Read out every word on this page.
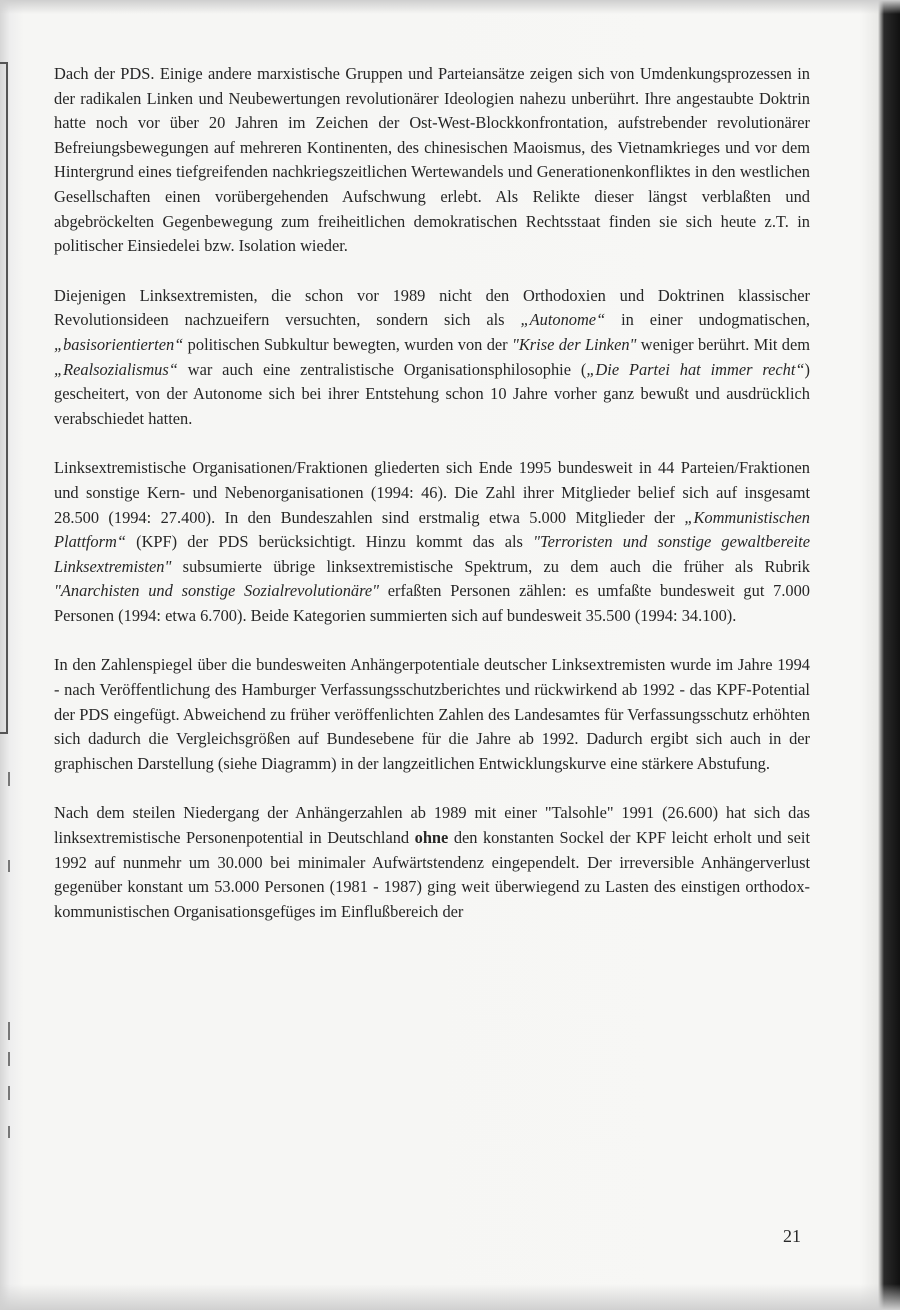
Dach der PDS. Einige andere marxistische Gruppen und Parteiansätze zeigen sich von Umdenkungsprozessen in der radikalen Linken und Neubewertungen revolutionärer Ideologien nahezu unberührt. Ihre angestaubte Doktrin hatte noch vor über 20 Jahren im Zeichen der Ost-West-Blockkonfrontation, aufstrebender revolutionärer Befreiungsbewegungen auf mehreren Kontinenten, des chinesischen Maoismus, des Vietnamkrieges und vor dem Hintergrund eines tiefgreifenden nachkriegszeitlichen Wertewandels und Generationenkonfliktes in den westlichen Gesellschaften einen vorübergehenden Aufschwung erlebt. Als Relikte dieser längst verblaßten und abgebröckelten Gegenbewegung zum freiheitlichen demokratischen Rechtsstaat finden sie sich heute z.T. in politischer Einsiedelei bzw. Isolation wieder.

Diejenigen Linksextremisten, die schon vor 1989 nicht den Orthodoxien und Doktrinen klassischer Revolutionsideen nachzueifern versuchten, sondern sich als „Autonome“ in einer undogmatischen, „basisorientierten“ politischen Subkultur bewegten, wurden von der "Krise der Linken" weniger berührt. Mit dem „Realsozialismus“ war auch eine zentralistische Organisationsphilosophie („Die Partei hat immer recht“) gescheitert, von der Autonome sich bei ihrer Entstehung schon 10 Jahre vorher ganz bewußt und ausdrücklich verabschiedet hatten.

Linksextremistische Organisationen/Fraktionen gliederten sich Ende 1995 bundesweit in 44 Parteien/Fraktionen und sonstige Kern- und Nebenorganisationen (1994: 46). Die Zahl ihrer Mitglieder belief sich auf insgesamt 28.500 (1994: 27.400). In den Bundeszahlen sind erstmalig etwa 5.000 Mitglieder der „Kommunistischen Plattform“ (KPF) der PDS berücksichtigt. Hinzu kommt das als "Terroristen und sonstige gewaltbereite Linksextremisten" subsumierte übrige linksextremistische Spektrum, zu dem auch die früher als Rubrik "Anarchisten und sonstige Sozialrevolutionäre" erfaßten Personen zählen: es umfaßte bundesweit gut 7.000 Personen (1994: etwa 6.700). Beide Kategorien summierten sich auf bundesweit 35.500 (1994: 34.100).

In den Zahlenspiegel über die bundesweiten Anhängerpotentiale deutscher Linksextremisten wurde im Jahre 1994 - nach Veröffentlichung des Hamburger Verfassungsschutzberichtes und rückwirkend ab 1992 - das KPF-Potential der PDS eingefügt. Abweichend zu früher veröffenlichten Zahlen des Landesamtes für Verfassungsschutz erhöhten sich dadurch die Vergleichsgrößen auf Bundesebene für die Jahre ab 1992. Dadurch ergibt sich auch in der graphischen Darstellung (siehe Diagramm) in der langzeitlichen Entwicklungskurve eine stärkere Abstufung.

Nach dem steilen Niedergang der Anhängerzahlen ab 1989 mit einer "Talsohle" 1991 (26.600) hat sich das linksextremistische Personenpotential in Deutschland ohne den konstanten Sockel der KPF leicht erholt und seit 1992 auf nunmehr um 30.000 bei minimaler Aufwärtstendenz eingependelt. Der irreversible Anhängerverlust gegenüber konstant um 53.000 Personen (1981 - 1987) ging weit überwiegend zu Lasten des einstigen orthodox-kommunistischen Organisationsgefüges im Einflußbereich der

21
